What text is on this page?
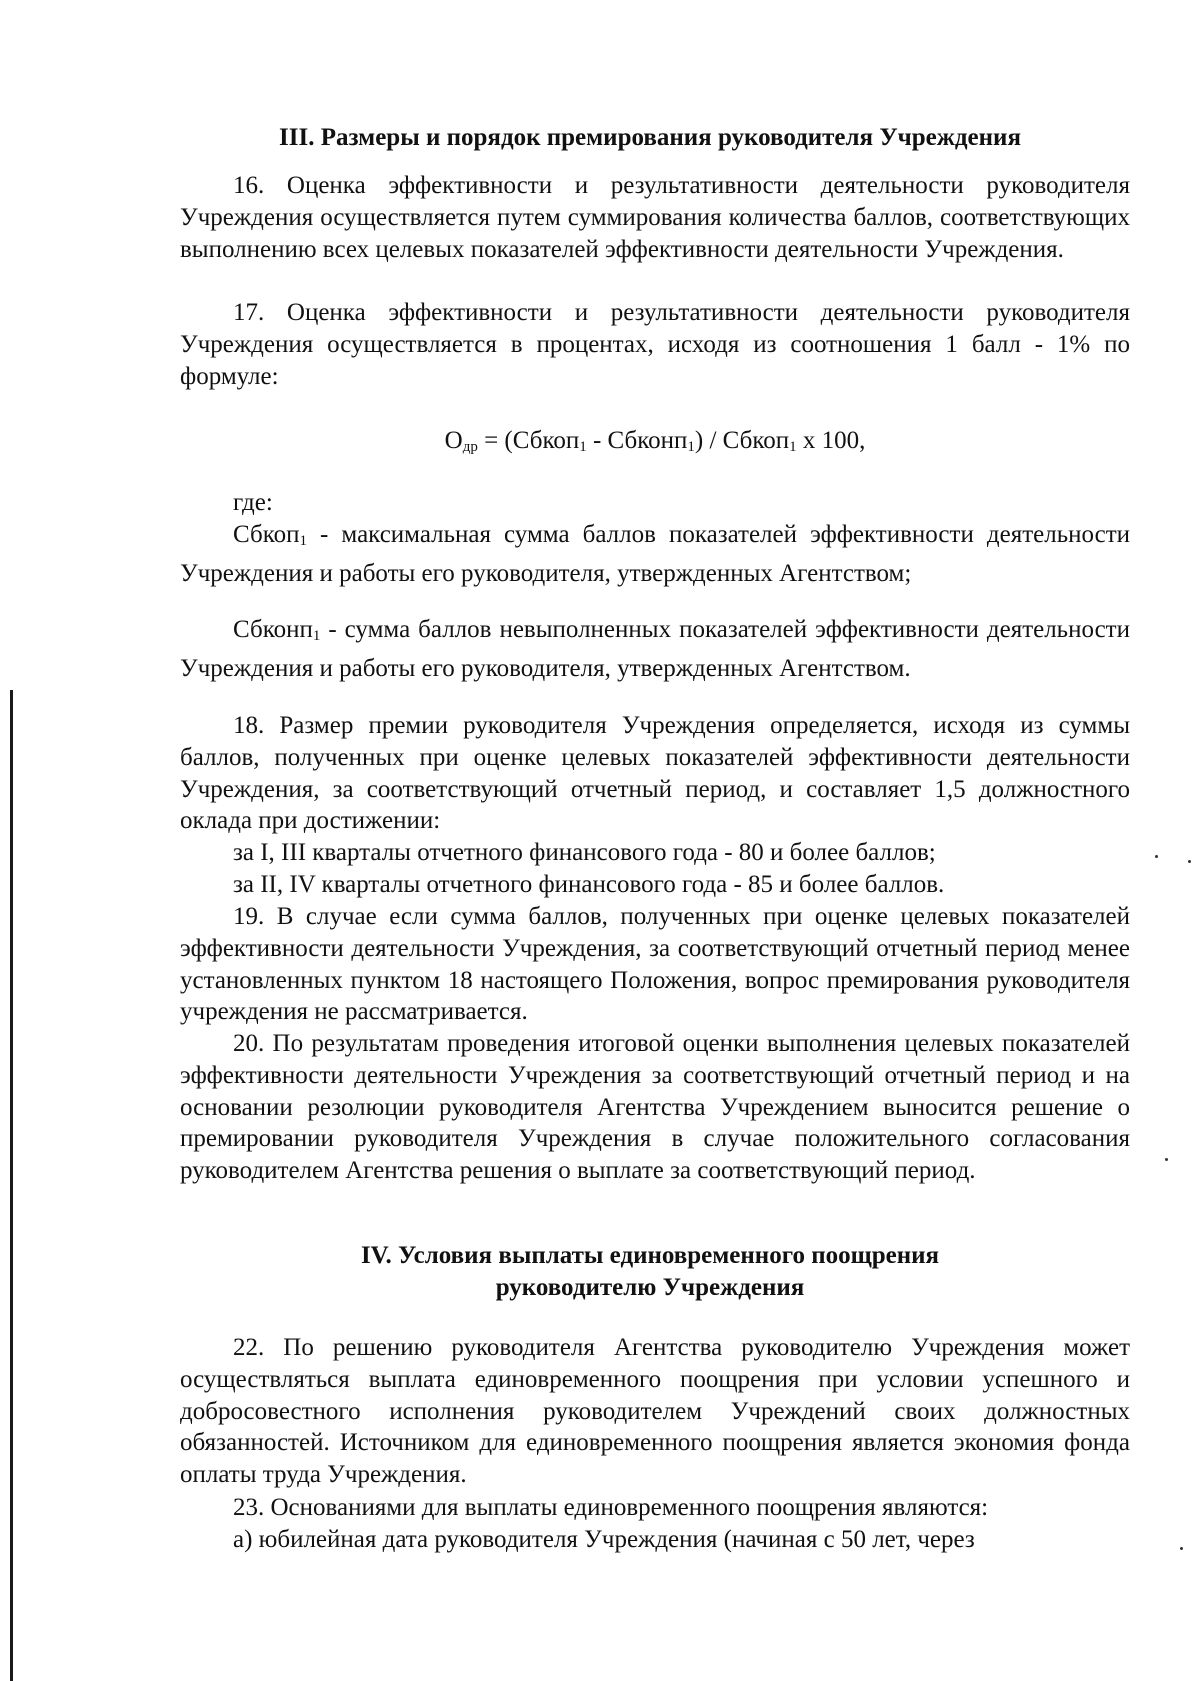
III. Размеры и порядок премирования руководителя Учреждения

16. Оценка эффективности и результативности деятельности руководителя Учреждения осуществляется путем суммирования количества баллов, соответствующих выполнению всех целевых показателей эффективности деятельности Учреждения.

17. Оценка эффективности и результативности деятельности руководителя Учреждения осуществляется в процентах, исходя из соотношения 1 балл - 1% по формуле:

$О_{др}$ = (Сбкоп$_1$ - Сбконп$_1$) / Сбкоп$_1$ х 100,

где:

Сбкоп$_1$ - максимальная сумма баллов показателей эффективности деятельности Учреждения и работы его руководителя, утвержденных Агентством;

Сбконп$_1$ - сумма баллов невыполненных показателей эффективности деятельности Учреждения и работы его руководителя, утвержденных Агентством.

18. Размер премии руководителя Учреждения определяется, исходя из суммы баллов, полученных при оценке целевых показателей эффективности деятельности Учреждения, за соответствующий отчетный период, и составляет 1,5 должностного оклада при достижении:

за I, III кварталы отчетного финансового года - 80 и более баллов;

за II, IV кварталы отчетного финансового года - 85 и более баллов.

19. В случае если сумма баллов, полученных при оценке целевых показателей эффективности деятельности Учреждения, за соответствующий отчетный период менее установленных пунктом 18 настоящего Положения, вопрос премирования руководителя учреждения не рассматривается.

20. По результатам проведения итоговой оценки выполнения целевых показателей эффективности деятельности Учреждения за соответствующий отчетный период и на основании резолюции руководителя Агентства Учреждением выносится решение о премировании руководителя Учреждения в случае положительного согласования руководителем Агентства решения о выплате за соответствующий период.

IV. Условия выплаты единовременного поощрения
руководителю Учреждения

22. По решению руководителя Агентства руководителю Учреждения может осуществляться выплата единовременного поощрения при условии успешного и добросовестного исполнения руководителем Учреждений своих должностных обязанностей. Источником для единовременного поощрения является экономия фонда оплаты труда Учреждения.

23. Основаниями для выплаты единовременного поощрения являются:

а) юбилейная дата руководителя Учреждения (начиная с 50 лет, через
